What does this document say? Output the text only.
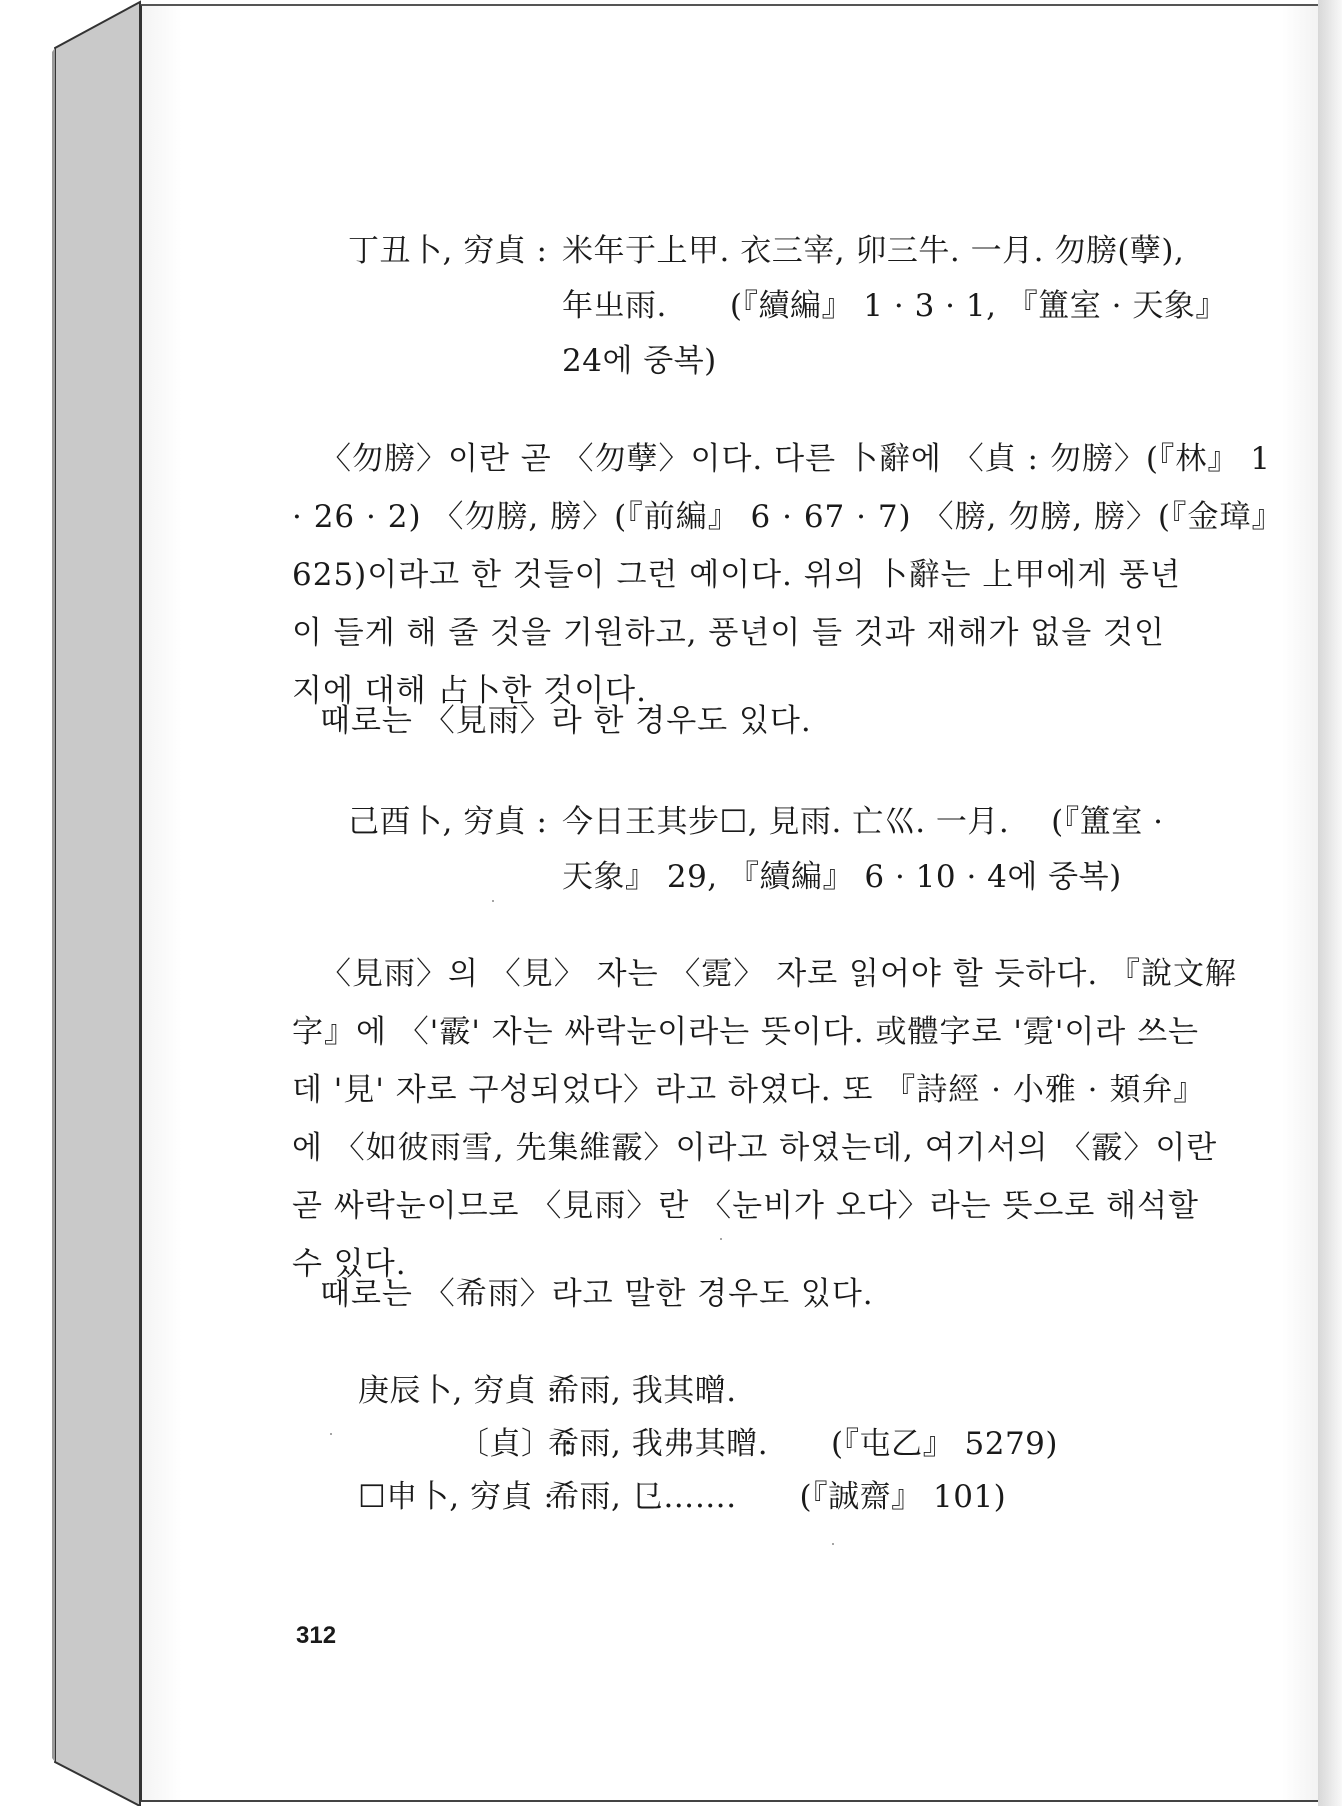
丁丑卜, 穷貞 : 米年于上甲. 衣三宰, 卯三牛. 一月. 勿膀(孽),
年㞢雨.　　(『續編』 1 · 3 · 1, 『簠室 · 天象』
24에 중복)
〈勿膀〉이란 곧 〈勿孽〉이다. 다른 卜辭에 〈貞 : 勿膀〉(『林』 1
· 26 · 2) 〈勿膀, 膀〉(『前編』 6 · 67 · 7) 〈膀, 勿膀, 膀〉(『金璋』
625)이라고 한 것들이 그런 예이다. 위의 卜辭는 上甲에게 풍년
이 들게 해 줄 것을 기원하고, 풍년이 들 것과 재해가 없을 것인
지에 대해 占卜한 것이다.
때로는 〈見雨〉라 한 경우도 있다.
己酉卜, 穷貞 : 今日王其步☐, 見雨. 亡巛. 一月.　 (『簠室 ·
天象』 29, 『續編』 6 · 10 · 4에 중복)
〈見雨〉의 〈見〉 자는 〈霓〉 자로 읽어야 할 듯하다. 『說文解
字』에 〈'霰' 자는 싸락눈이라는 뜻이다. 或體字로 '霓'이라 쓰는
데 '見' 자로 구성되었다〉라고 하였다. 또 『詩經 · 小雅 · 頍弁』
에 〈如彼雨雪, 先集維霰〉이라고 하였는데, 여기서의 〈霰〉이란
곧 싸락눈이므로 〈見雨〉란 〈눈비가 오다〉라는 뜻으로 해석할
수 있다.
때로는 〈希雨〉라고 말한 경우도 있다.
庚辰卜, 穷貞 :
希雨, 我其㬝.
〔貞〕 :
希雨, 我弗其㬝.　　(『屯乙』 5279)
☐申卜, 穷貞 :
希雨, 㔾…….　　(『誠齋』 101)
312
